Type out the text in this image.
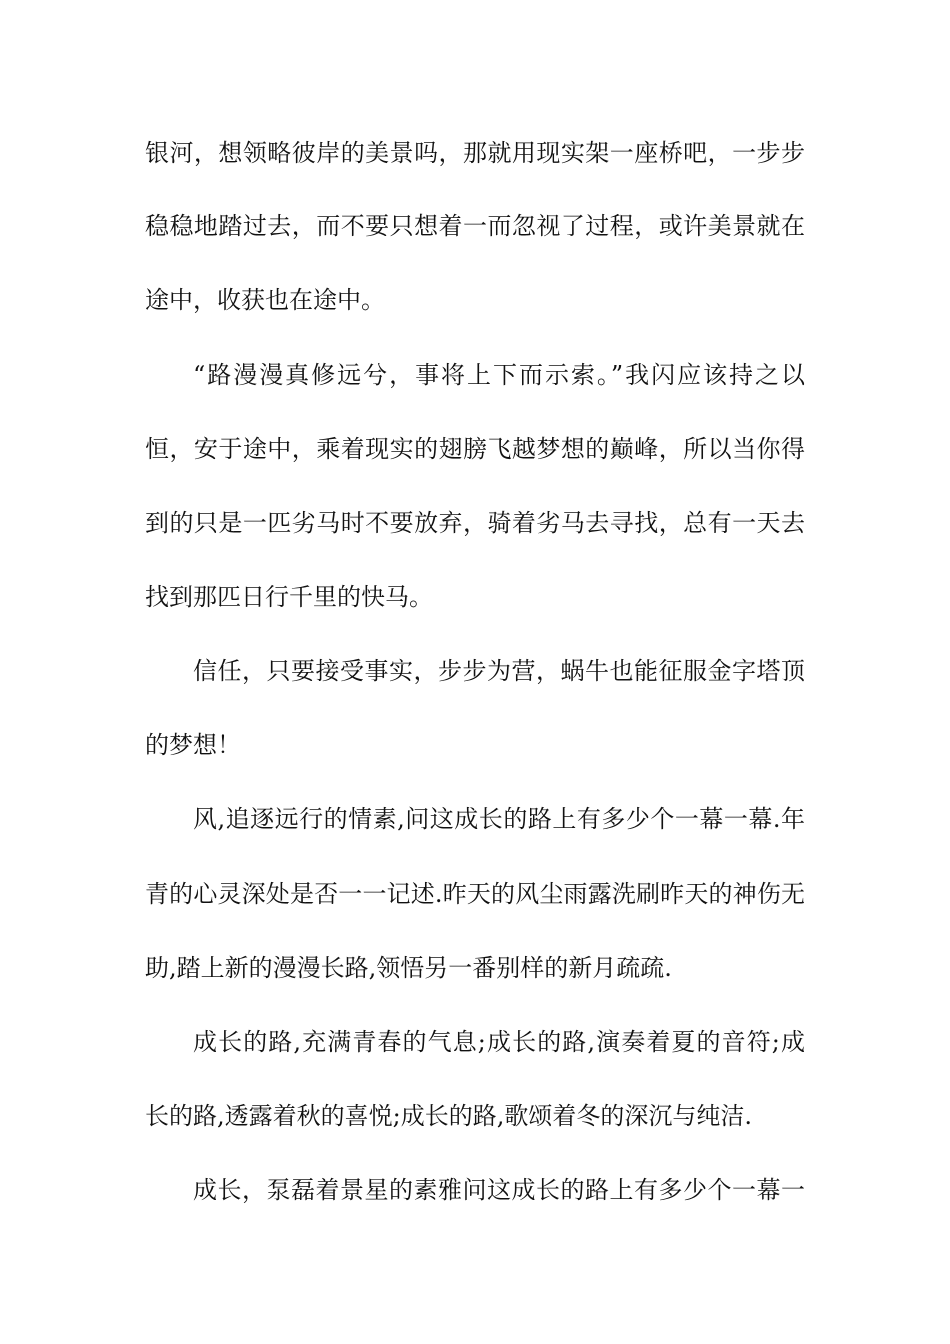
银河，想领略彼岸的美景吗，那就用现实架一座桥吧，一步步
稳稳地踏过去，而不要只想着一而忽视了过程，或许美景就在
途中，收获也在途中。
“路漫漫真修远兮，事将上下而示索。”我闪应该持之以
恒，安于途中，乘着现实的翅膀飞越梦想的巅峰，所以当你得
到的只是一匹劣马时不要放弃，骑着劣马去寻找，总有一天去
找到那匹日行千里的快马。
信任，只要接受事实，步步为营，蜗牛也能征服金字塔顶
的梦想！
风,追逐远行的情素,问这成长的路上有多少个一幕一幕.年
青的心灵深处是否一一记述.昨天的风尘雨露洗刷昨天的神伤无
助,踏上新的漫漫长路,领悟另一番别样的新月疏疏.
成长的路,充满青春的气息;成长的路,演奏着夏的音符;成
长的路,透露着秋的喜悦;成长的路,歌颂着冬的深沉与纯洁.
成长，泵磊着景星的素雅问这成长的路上有多少个一幕一
